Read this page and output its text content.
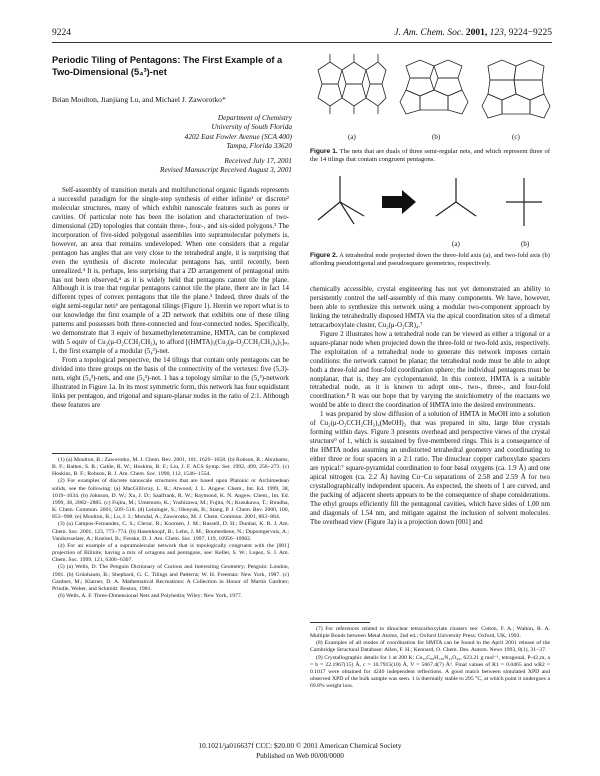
9224	J. Am. Chem. Soc. 2001, 123, 9224−9225
Periodic Tiling of Pentagons: The First Example of a Two-Dimensional (5₄³)-net
Brian Moulton, Jianjiang Lu, and Michael J. Zaworotko*
Department of Chemistry
University of South Florida
4202 East Fowler Avenue (SCA 400)
Tampa, Florida 33620
Received July 17, 2001
Revised Manuscript Received August 3, 2001

Self-assembly of transition metals and multifunctional organic ligands represents a successful paradigm for the single-step synthesis of either infinite¹ or discrete² molecular structures, many of which exhibit nanoscale features such as pores or cavities. Of particular note has been the isolation and characterization of two-dimensional (2D) topologies that contain three-, four-, and six-sided polygons.³ The incorporation of five-sided polygonal assemblies into supramolecular polymers is, however, an area that remains undeveloped. When one considers that a regular pentagon has angles that are very close to the tetrahedral angle, it is surprising that even the synthesis of discrete molecular pentagons has, until recently, been unrealized.⁴ It is, perhaps, less surprising that a 2D arrangement of pentagonal units has not been observed,⁴ as it is widely held that pentagons cannot tile the plane. Although it is true that regular pentagons cannot tile the plane, there are in fact 14 different types of convex pentagons that tile the plane.⁵ Indeed, three duals of the eight semi-regular nets⁶ are pentagonal tilings (Figure 1). Herein we report what is to our knowledge the first example of a 2D network that exhibits one of these tiling patterns and possesses both three-connected and four-connected nodes. Specifically, we demonstrate that 3 equiv of hexamethylenetetramine, HMTA, can be complexed with 5 equiv of Cu₂(μ-O₂CCH₂CH₃)₄ to afford [(HMTA)₃(Cu₂(μ-O₂CCH₂CH₃)₄)₅]ₙ, 1, the first example of a modular (5₄³)-net.

From a topological perspective, the 14 tilings that contain only pentagons can be divided into three groups on the basis of the connectivity of the vertexes: five (5,3)-nets, eight (5₄³)-nets, and one (5₄³)-net. 1 has a topology similar to the (5₄³)-network illustrated in Figure 1a. In its most symmetric form, this network has four equidistant links per pentagon, and trigonal and square-planar nodes in the ratio of 2:1. Although these features are

(1) (a) Moulton, B.; Zaworotko, M. J. Chem. Rev. 2001, 101, 1629−1658. (b) Robson, R.; Abrahams, B. F.; Batten, S. R.; Gable, R. W.; Hoskins, B. F.; Liu, J. F. ACS Symp. Ser. 1992, 499, 256−273. (c) Hoskins, B. F.; Robson, R. J. Am. Chem. Soc. 1990, 112, 1546−1554.

(2) For examples of discrete nanoscale structures that are based upon Platonic or Archimedean solids, see the following: (a) MacGillivray, L. R.; Atwood, J. L. Angew. Chem., Int. Ed. 1999, 38, 1019−1034. (b) Johnson, D. W.; Xu, J. D.; Saalfrank, R. W.; Raymond, K. N. Angew. Chem., Int. Ed. 1999, 38, 2882−2885. (c) Fujita, M.; Umemoto, K.; Yoshizawa, M.; Fujita, N.; Kusukawa, T.; Biradha, K. Chem. Commun. 2001, 509−518. (d) Leininger, S.; Olenyuk, B.; Stang, P. J. Chem. Rev. 2000, 100, 853−908. (e) Moulton, B.; Lu, J. J.; Mondal, A.; Zaworotko, M. J. Chem. Commun. 2001, 863−864.

(3) (a) Campos-Fernandez, C. S.; Clerac, R.; Koomen, J. M.; Russell, D. H.; Dunbar, K. R. J. Am. Chem. Soc. 2001, 123, 773−774. (b) Hasenknopf, B.; Lehn, J. M.; Boumediene, N.; Dupontgervais, A.; Vandorsselaer, A.; Kneisel, B.; Fenske, D. J. Am. Chem. Soc. 1997, 119, 10956−10962.

(4) For an example of a supramolecular network that is topologically congruent with the [001] projection of Bilinite, having a mix of octagons and pentagons, see: Keller, S. W.; Lopez, S. J. Am. Chem. Soc. 1999, 121, 6306−6307.

(5) (a) Wells, D. The Penguin Dictionary of Curious and Interesting Geometry; Penguin: London, 1991. (b) Grünbaum, B.; Shephard, G. C. Tilings and Patterns; W. H. Freeman: New York, 1987. (c) Gardner, M.; Klarner, D. A. Mathematical Recreations: A Collection in Honor of Martin Gardner; Prindle, Weber, and Schmidt: Boston, 1981.

(6) Wells, A. F. Three-Dimensional Nets and Polyhedra; Wiley: New York, 1977.

(a)	(b)	(c)
Figure 1. The nets that are duals of three semi-regular nets, and which represent three of the 14 tilings that contain congruent pentagons.
(a)	(b)
Figure 2. A tetrahedral node projected down the three-fold axis (a), and two-fold axis (b) affording pseudotrigonal and pseudosquare geometries, respectively.

chemically accessible, crystal engineering has not yet demonstrated an ability to persistently control the self-assembly of this many components. We have, however, been able to synthesize this network using a modular two-component approach by linking the tetrahedrally disposed HMTA via the apical coordination sites of a dimetal tetracarboxylate cluster, Cu₂(μ-O₂CR)₄.⁷

Figure 2 illustrates how a tetrahedral node can be viewed as either a trigonal or a square-planar node when projected down the three-fold or two-fold axis, respectively. The exploitation of a tetrahedral node to generate this network imposes certain conditions: the network cannot be planar; the tetrahedral node must be able to adopt both a three-fold and four-fold coordination sphere; the individual pentagons must be nonplanar, that is, they are cyclopentanoid. In this context, HMTA is a suitable tetrahedral node, as it is known to adopt one-, two-, three-, and four-fold coordination.⁸ It was our hope that by varying the stoichiometry of the reactants we would be able to direct the coordination of HMTA into the desired environments.

1 was prepared by slow diffusion of a solution of HMTA in MeOH into a solution of Cu₂(μ-O₂CCH₂CH₃)₄(MeOH)₂ that was prepared in situ, large blue crystals forming within days. Figure 3 presents overhead and perspective views of the crystal structure⁹ of 1, which is sustained by five-membered rings. This is a consequence of the HMTA nodes assuming an undistorted tetrahedral geometry and coordinating to either three or four spacers in a 2:1 ratio. The dinuclear copper carboxylate spacers are typical:⁷ square-pyramidal coordination to four basal oxygens (ca. 1.9 Å) and one apical nitrogen (ca. 2.2 Å) having Cu−Cu separations of 2.58 and 2.59 Å for two crystallographically independent spacers. As expected, the sheets of 1 are curved, and the packing of adjacent sheets appears to be the consequence of shape considerations. The ethyl groups efficiently fill the pentagonal cavities, which have sides of 1.00 nm and diagonals of 1.54 nm, and mitigate against the inclusion of solvent molecules. The overhead view (Figure 3a) is a projection down [001] and

(7) For references related to dinuclear tetracarboxylate clusters see: Cotton, F. A.; Walton, R. A. Multiple Bonds between Metal Atoms, 2nd ed.; Oxford University Press: Oxford, UK, 1993.

(8) Examples of all modes of coordination for HMTA can be found in the April 2001 release of the Cambridge Structural Database: Allen, F. H.; Kennard, O. Chem. Des. Autom. News 1993, 8(1), 31−37.

(9) Crystallographic details for 1 at 200 K: Cu₁₀C₆₈H₁₃₀N₁₂O₂₀, 623.21 g mol⁻¹, tetragonal, P-42₁m, a = b = 22.1967(15) Å, c = 10.7915(10) Å, V = 5667.4(7) Å³. Final values of R1 = 0.0465 and wR2 = 0.1017 were obtained for 4240 independent reflections. A good match between simulated XPD and observed XPD of the bulk sample was seen. 1 is thermally stable to 295 °C, at which point it undergoes a 69.8% weight loss.

10.1021/ja016637f CCC: $20.00 © 2001 American Chemical Society
Published on Web 00/00/0000
